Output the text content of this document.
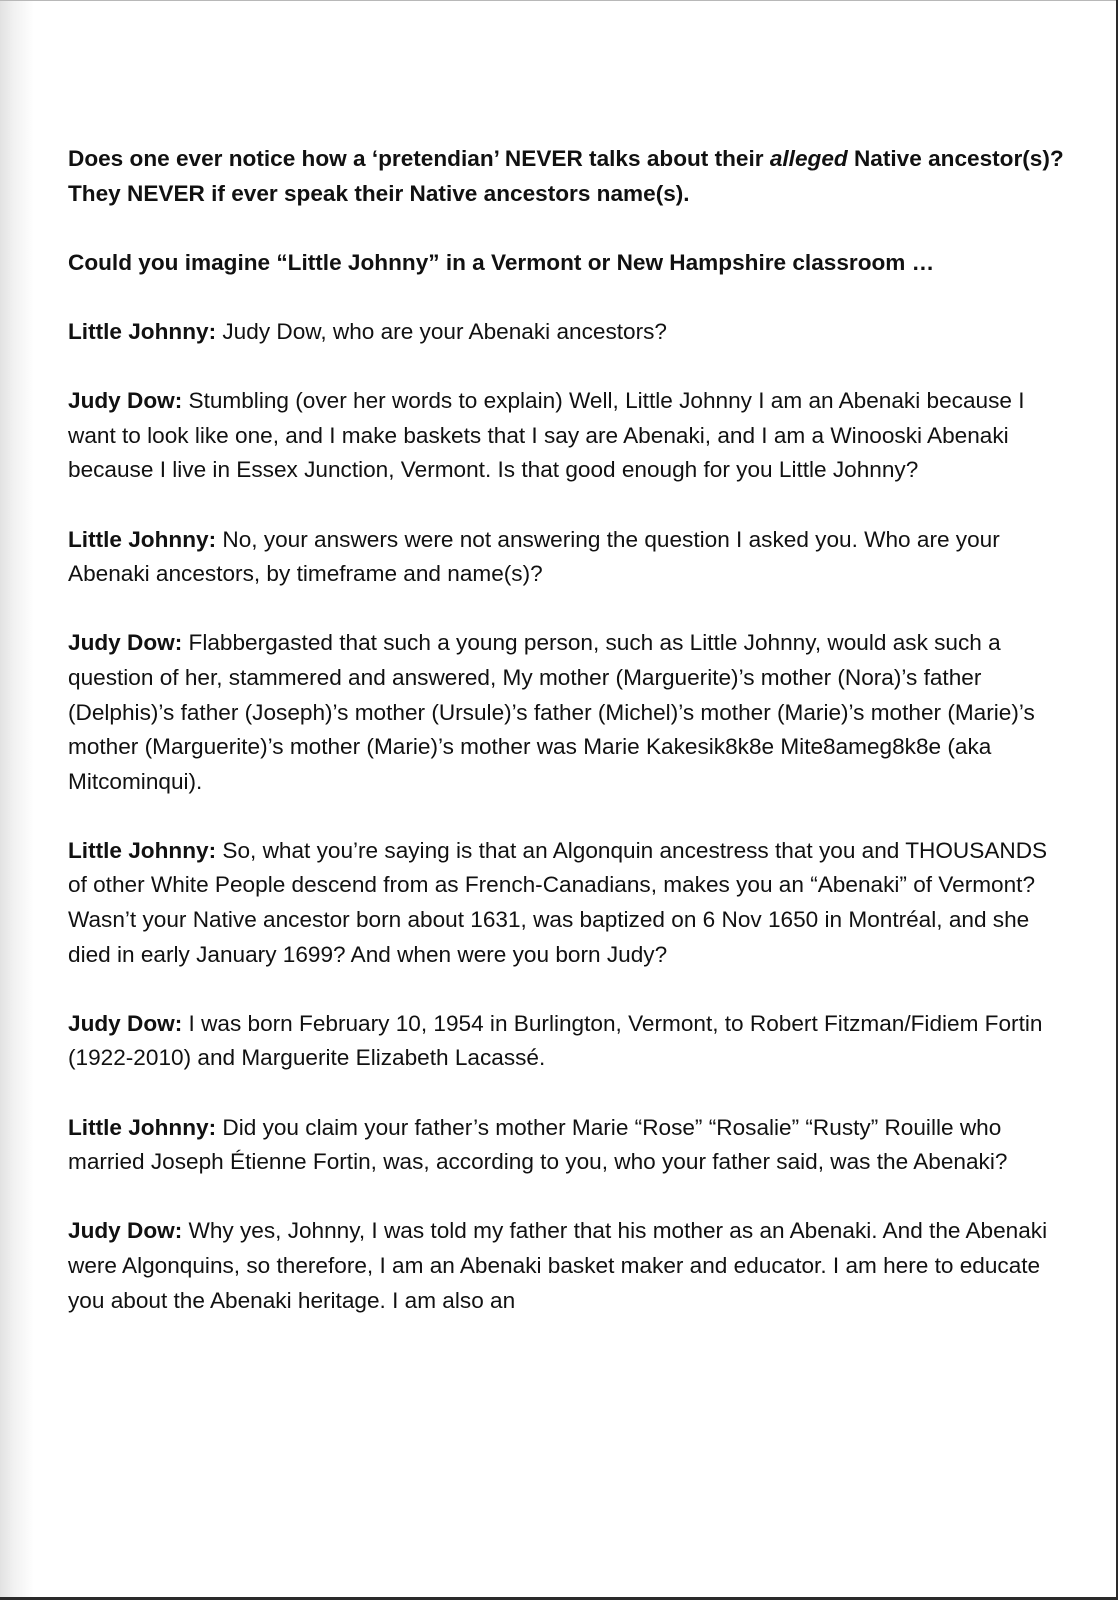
Does one ever notice how a ‘pretendian’ NEVER talks about their alleged Native ancestor(s)? They NEVER if ever speak their Native ancestors name(s).

Could you imagine “Little Johnny” in a Vermont or New Hampshire classroom …

Little Johnny: Judy Dow, who are your Abenaki ancestors?

Judy Dow: Stumbling (over her words to explain) Well, Little Johnny I am an Abenaki because I want to look like one, and I make baskets that I say are Abenaki, and I am a Winooski Abenaki because I live in Essex Junction, Vermont. Is that good enough for you Little Johnny?

Little Johnny: No, your answers were not answering the question I asked you. Who are your Abenaki ancestors, by timeframe and name(s)?

Judy Dow: Flabbergasted that such a young person, such as Little Johnny, would ask such a question of her, stammered and answered, My mother (Marguerite)’s mother (Nora)’s father (Delphis)’s father (Joseph)’s mother (Ursule)’s father (Michel)’s mother (Marie)’s mother (Marie)’s mother (Marguerite)’s mother (Marie)’s mother was Marie Kakesik8k8e Mite8ameg8k8e (aka Mitcominqui).

Little Johnny: So, what you’re saying is that an Algonquin ancestress that you and THOUSANDS of other White People descend from as French-Canadians, makes you an “Abenaki” of Vermont? Wasn’t your Native ancestor born about 1631, was baptized on 6 Nov 1650 in Montréal, and she died in early January 1699? And when were you born Judy?

Judy Dow: I was born February 10, 1954 in Burlington, Vermont, to Robert Fitzman/Fidiem Fortin (1922-2010) and Marguerite Elizabeth Lacassé.

Little Johnny: Did you claim your father’s mother Marie “Rose” “Rosalie” “Rusty” Rouille who married Joseph Étienne Fortin, was, according to you, who your father said, was the Abenaki?

Judy Dow: Why yes, Johnny, I was told my father that his mother as an Abenaki. And the Abenaki were Algonquins, so therefore, I am an Abenaki basket maker and educator. I am here to educate you about the Abenaki heritage. I am also an
